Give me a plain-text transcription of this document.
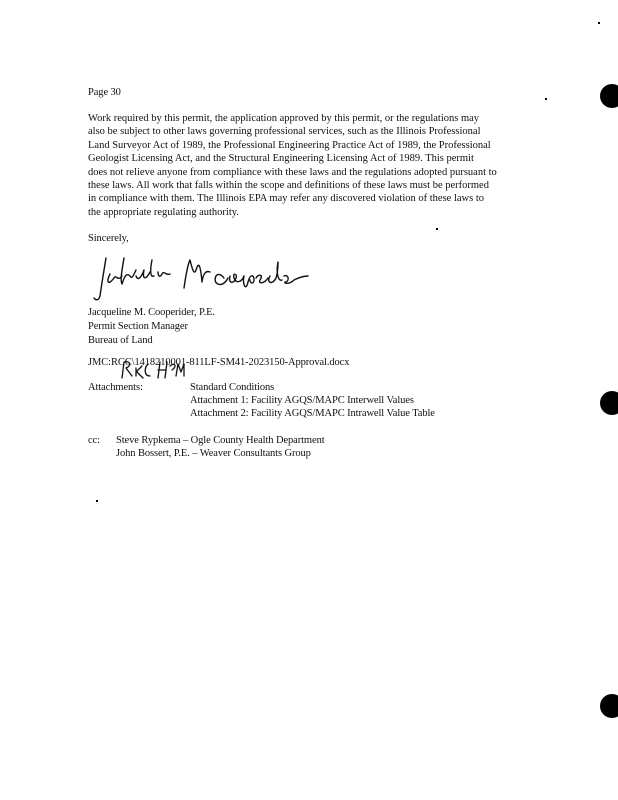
Page 30
Work required by this permit, the application approved by this permit, or the regulations may
also be subject to other laws governing professional services, such as the Illinois Professional
Land Surveyor Act of 1989, the Professional Engineering Practice Act of 1989, the Professional
Geologist Licensing Act, and the Structural Engineering Licensing Act of 1989. This permit
does not relieve anyone from compliance with these laws and the regulations adopted pursuant to
these laws. All work that falls within the scope and definitions of these laws must be performed
in compliance with them. The Illinois EPA may refer any discovered violation of these laws to
the appropriate regulating authority.
Sincerely,
Jacqueline M. Cooperider, P.E.
Permit Section Manager
Bureau of Land
JMC:RCC\1418210001-811LF-SM41-2023150-Approval.docx
Attachments:	Standard Conditions
Attachment 1: Facility AGQS/MAPC Interwell Values
Attachment 2: Facility AGQS/MAPC Intrawell Value Table
cc: Steve Rypkema – Ogle County Health Department
John Bossert, P.E. – Weaver Consultants Group
